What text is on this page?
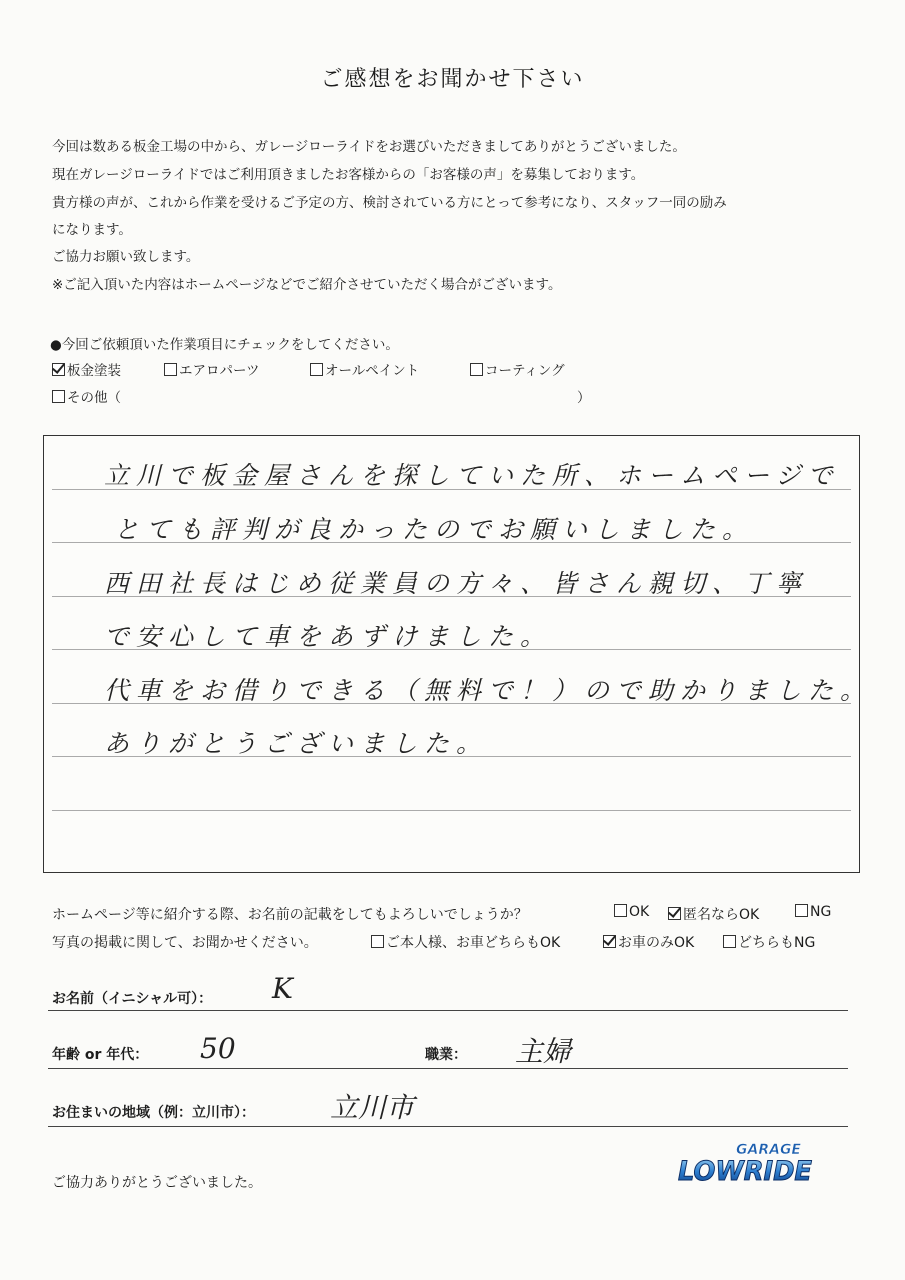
ご感想をお聞かせ下さい
今回は数ある板金工場の中から、ガレージローライドをお選びいただきましてありがとうございました。
現在ガレージローライドではご利用頂きましたお客様からの「お客様の声」を募集しております。
貴方様の声が、これから作業を受けるご予定の方、検討されている方にとって参考になり、スタッフ一同の励み
になります。
ご協力お願い致します。
※ご記入頂いた内容はホームページなどでご紹介させていただく場合がございます。
●今回ご依頼頂いた作業項目にチェックをしてください。
板金塗装	エアロパーツ	オールペイント	コーティング
その他（	）
立川で板金屋さんを探していた所、ホームページで
とても評判が良かったのでお願いしました。
西田社長はじめ従業員の方々、皆さん親切、丁寧
で安心して車をあずけました。
代車をお借りできる（無料で！）ので助かりました。
ありがとうございました。
ホームページ等に紹介する際、お名前の記載をしてもよろしいでしょうか？	OK	匿名ならOK	NG
写真の掲載に関して、お聞かせください。	ご本人様、お車どちらもOK	お車のみOK	どちらもNG
お名前（イニシャル可）： K
年齢 or 年代： 50	職業： 主婦
お住まいの地域（例：立川市）：	立川市
GARAGE
LOWRIDE
ご協力ありがとうございました。
